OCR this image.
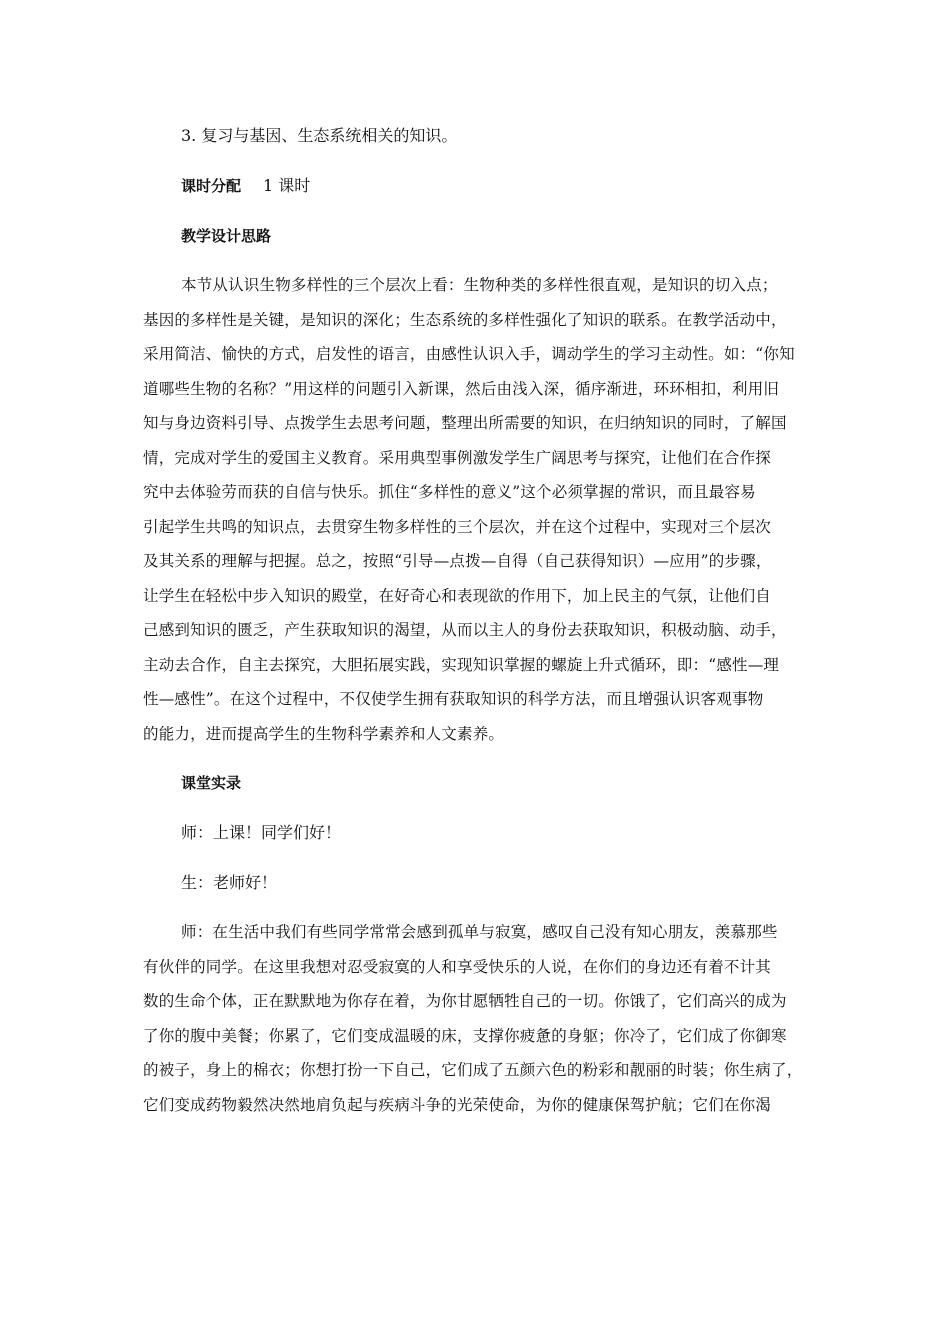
3. 复习与基因、生态系统相关的知识。

课时分配 1 课时

教学设计思路

本节从认识生物多样性的三个层次上看：生物种类的多样性很直观，是知识的切入点；
基因的多样性是关键，是知识的深化；生态系统的多样性强化了知识的联系。在教学活动中，
采用简洁、愉快的方式，启发性的语言，由感性认识入手，调动学生的学习主动性。如：“你知
道哪些生物的名称？”用这样的问题引入新课，然后由浅入深，循序渐进，环环相扣，利用旧
知与身边资料引导、点拨学生去思考问题，整理出所需要的知识，在归纳知识的同时，了解国
情，完成对学生的爱国主义教育。采用典型事例激发学生广阔思考与探究，让他们在合作探
究中去体验劳而获的自信与快乐。抓住“多样性的意义”这个必须掌握的常识，而且最容易
引起学生共鸣的知识点，去贯穿生物多样性的三个层次，并在这个过程中，实现对三个层次
及其关系的理解与把握。总之，按照“引导—点拨—自得（自己获得知识）—应用”的步骤，
让学生在轻松中步入知识的殿堂，在好奇心和表现欲的作用下，加上民主的气氛，让他们自
己感到知识的匮乏，产生获取知识的渴望，从而以主人的身份去获取知识，积极动脑、动手，
主动去合作，自主去探究，大胆拓展实践，实现知识掌握的螺旋上升式循环，即：“感性—理
性—感性”。在这个过程中，不仅使学生拥有获取知识的科学方法，而且增强认识客观事物
的能力，进而提高学生的生物科学素养和人文素养。

课堂实录

师：上课！同学们好！

生：老师好！

师：在生活中我们有些同学常常会感到孤单与寂寞，感叹自己没有知心朋友，羡慕那些
有伙伴的同学。在这里我想对忍受寂寞的人和享受快乐的人说，在你们的身边还有着不计其
数的生命个体，正在默默地为你存在着，为你甘愿牺牲自己的一切。你饿了，它们高兴的成为
了你的腹中美餐；你累了，它们变成温暖的床，支撑你疲惫的身躯；你冷了，它们成了你御寒
的被子，身上的棉衣；你想打扮一下自己，它们成了五颜六色的粉彩和靓丽的时装；你生病了，
它们变成药物毅然决然地肩负起与疾病斗争的光荣使命，为你的健康保驾护航；它们在你渴
